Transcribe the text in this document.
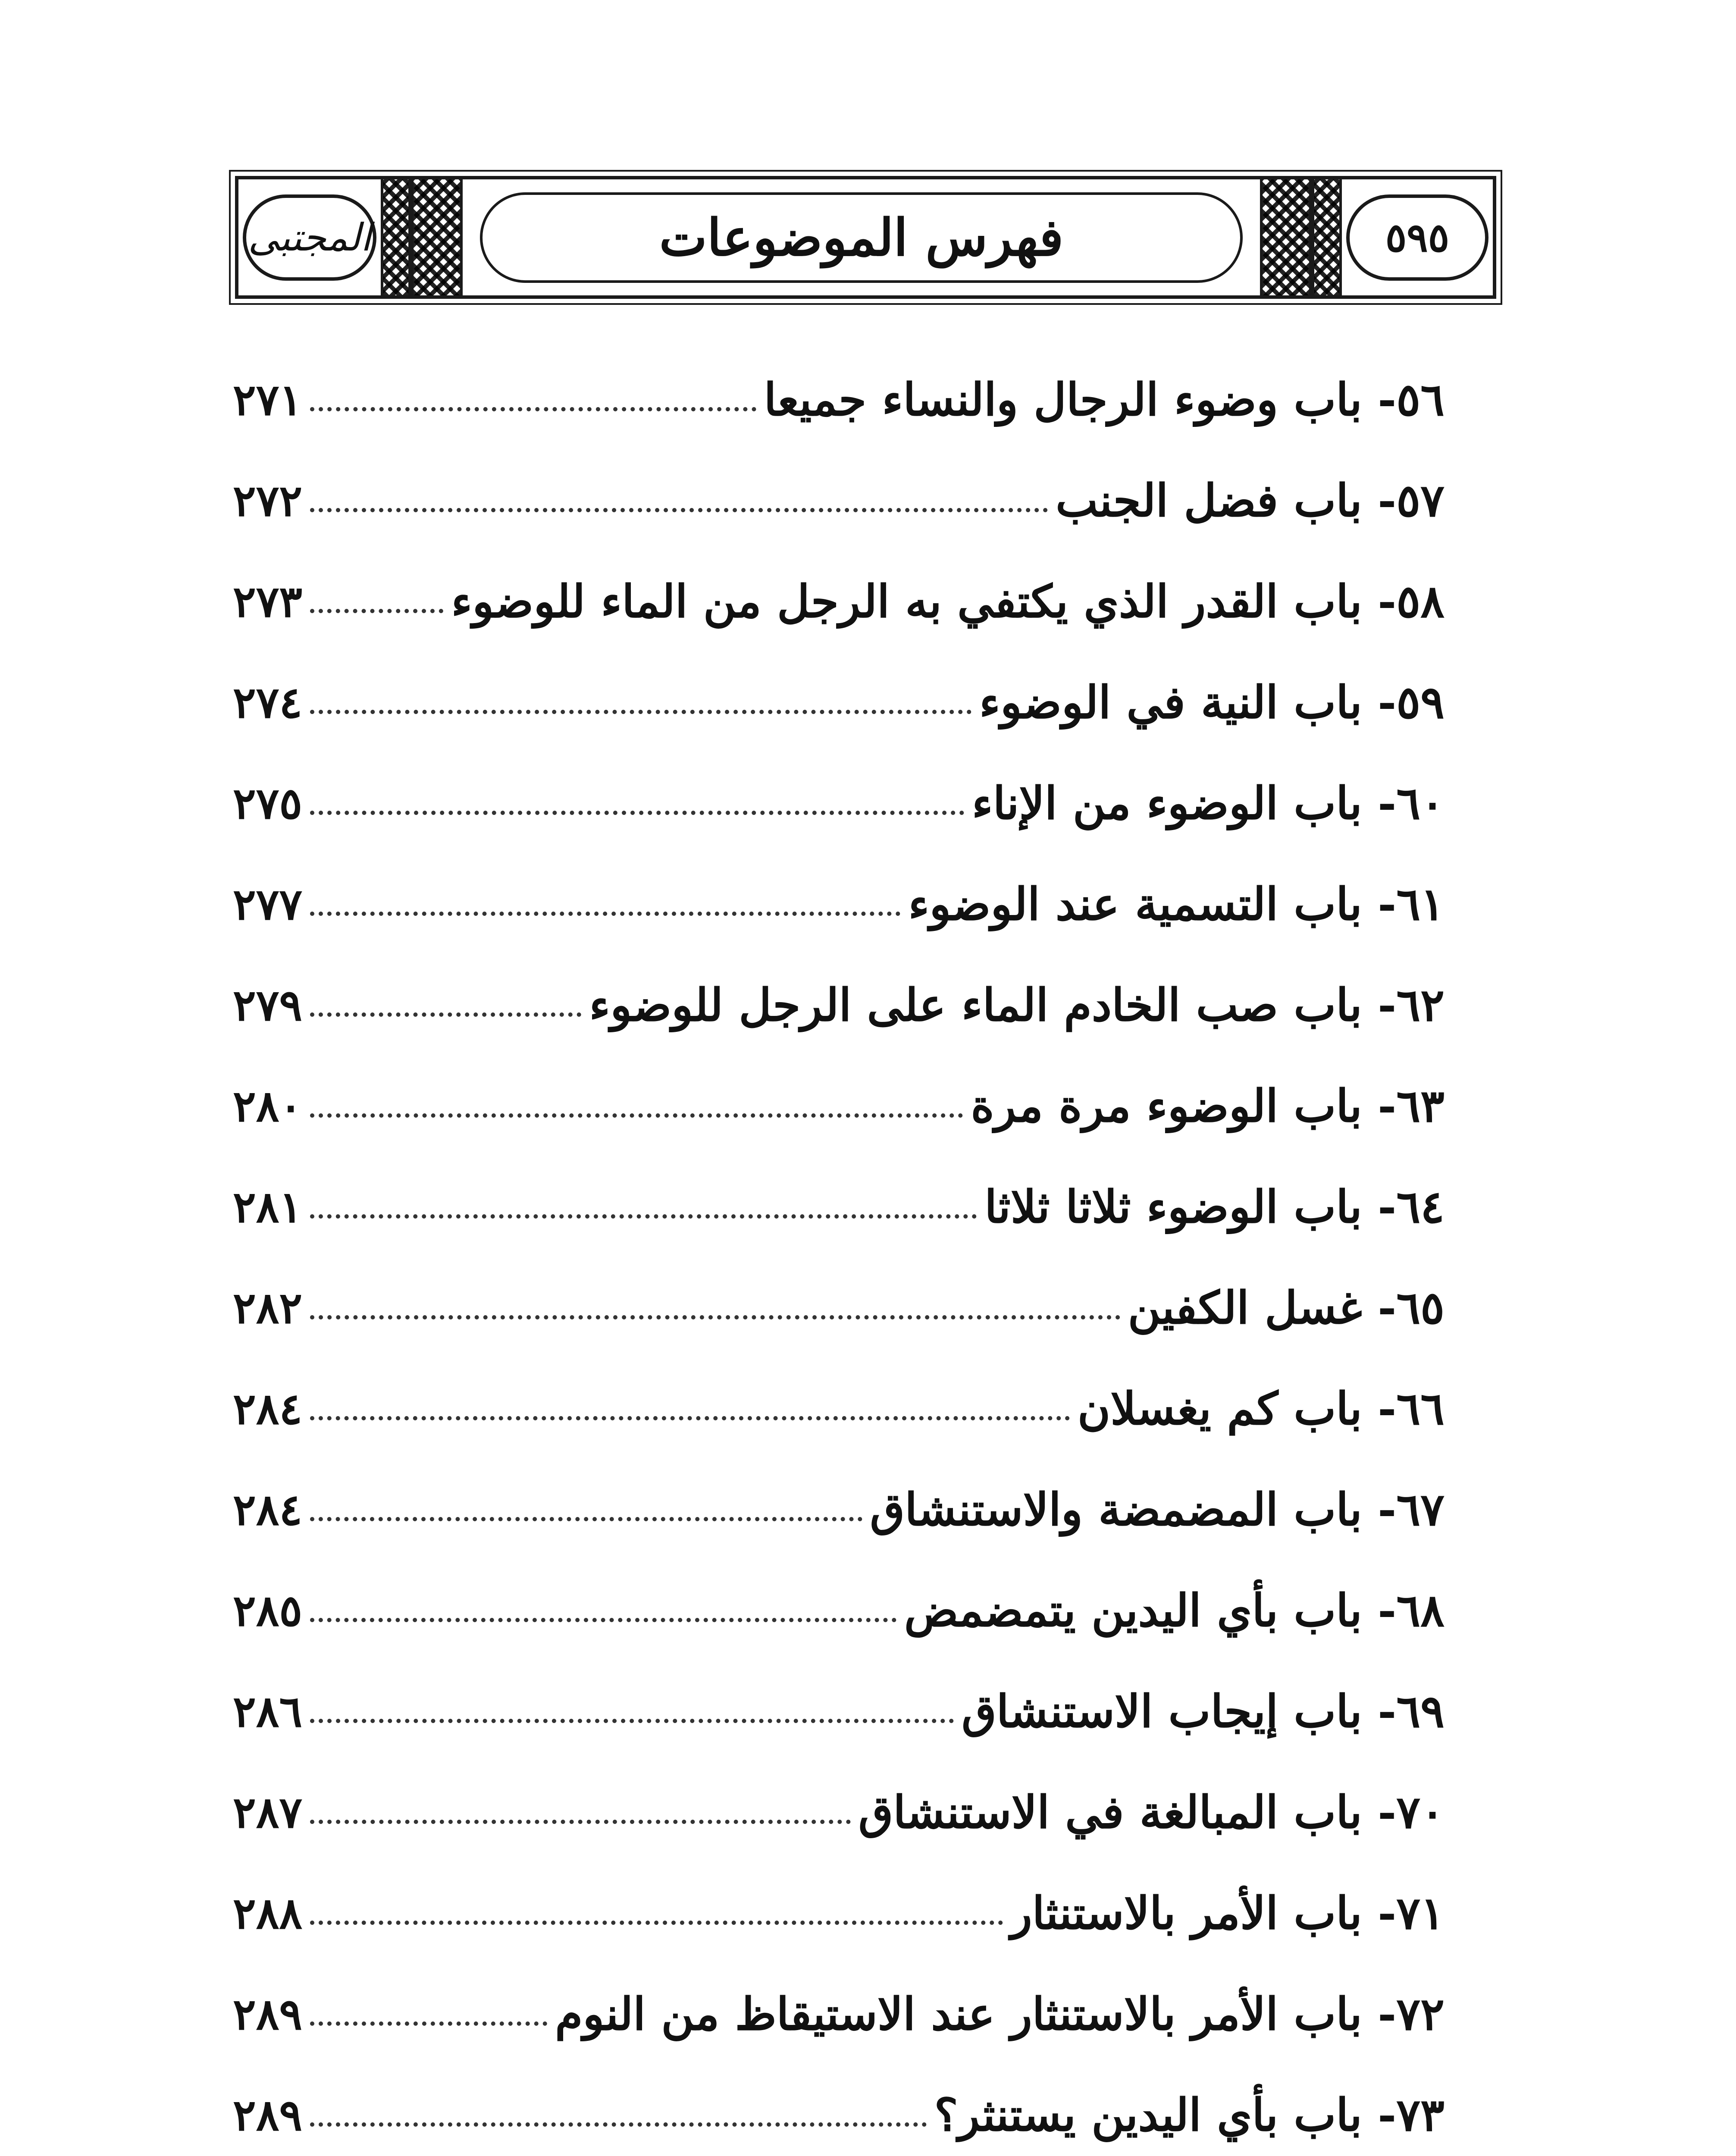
المجتبى	فهرس الموضوعات	٥٩٥
٥٦- باب وضوء الرجال والنساء جميعا
٢٧١
٥٧- باب فضل الجنب
٢٧٢
٥٨- باب القدر الذي يكتفي به الرجل من الماء للوضوء
٢٧٣
٥٩- باب النية في الوضوء
٢٧٤
٦٠- باب الوضوء من الإناء
٢٧٥
٦١- باب التسمية عند الوضوء
٢٧٧
٦٢- باب صب الخادم الماء على الرجل للوضوء
٢٧٩
٦٣- باب الوضوء مرة مرة
٢٨٠
٦٤- باب الوضوء ثلاثا ثلاثا
٢٨١
٦٥- غسل الكفين
٢٨٢
٦٦- باب كم يغسلان
٢٨٤
٦٧- باب المضمضة والاستنشاق
٢٨٤
٦٨- باب بأي اليدين يتمضمض
٢٨٥
٦٩- باب إيجاب الاستنشاق
٢٨٦
٧٠- باب المبالغة في الاستنشاق
٢٨٧
٧١- باب الأمر بالاستنثار
٢٨٨
٧٢- باب الأمر بالاستنثار عند الاستيقاظ من النوم
٢٨٩
٧٣- باب بأي اليدين يستنثر؟
٢٨٩
